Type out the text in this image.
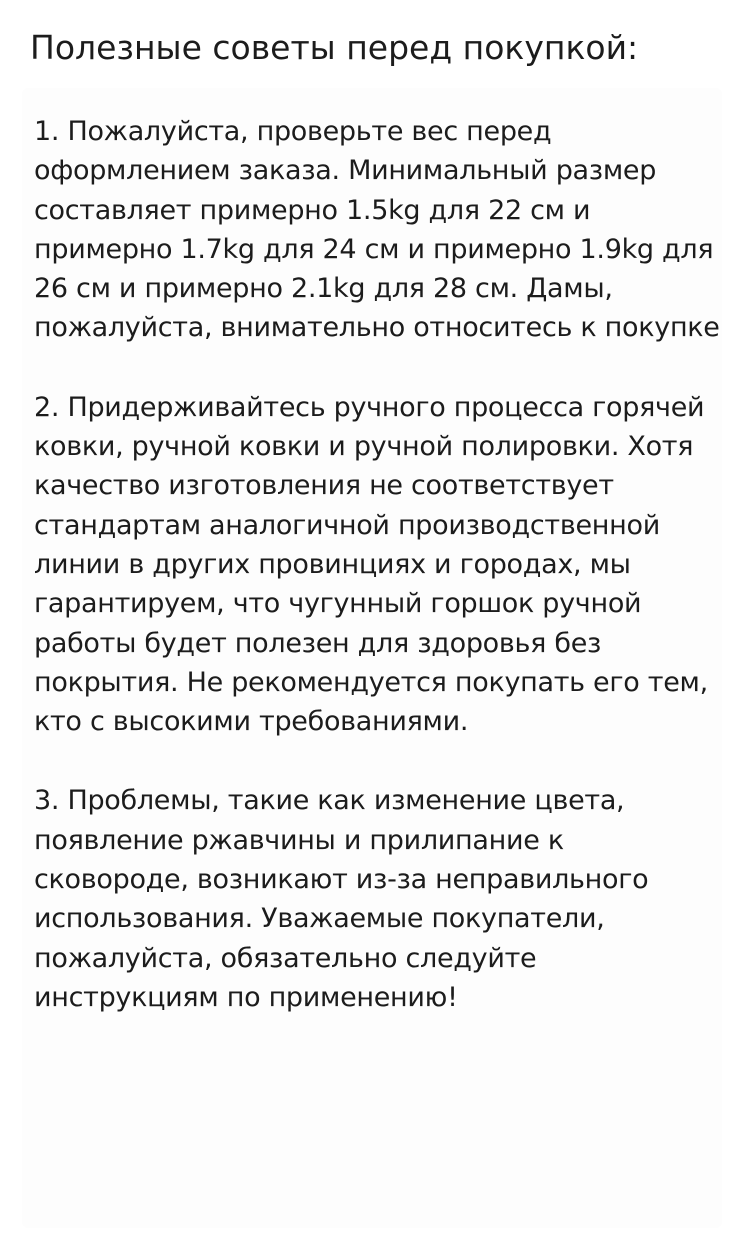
Полезные советы перед покупкой:

1. Пожалуйста, проверьте вес перед оформлением заказа. Минимальный размер составляет примерно 1.5kg для 22 см и примерно 1.7kg для 24 см и примерно 1.9kg для 26 см и примерно 2.1kg для 28 см. Дамы, пожалуйста, внимательно относитесь к покупке

2. Придерживайтесь ручного процесса горячей ковки, ручной ковки и ручной полировки. Хотя качество изготовления не соответствует стандартам аналогичной производственной линии в других провинциях и городах, мы гарантируем, что чугунный горшок ручной работы будет полезен для здоровья без покрытия. Не рекомендуется покупать его тем, кто с высокими требованиями.

3. Проблемы, такие как изменение цвета, появление ржавчины и прилипание к сковороде, возникают из-за неправильного использования. Уважаемые покупатели, пожалуйста, обязательно следуйте инструкциям по применению!
